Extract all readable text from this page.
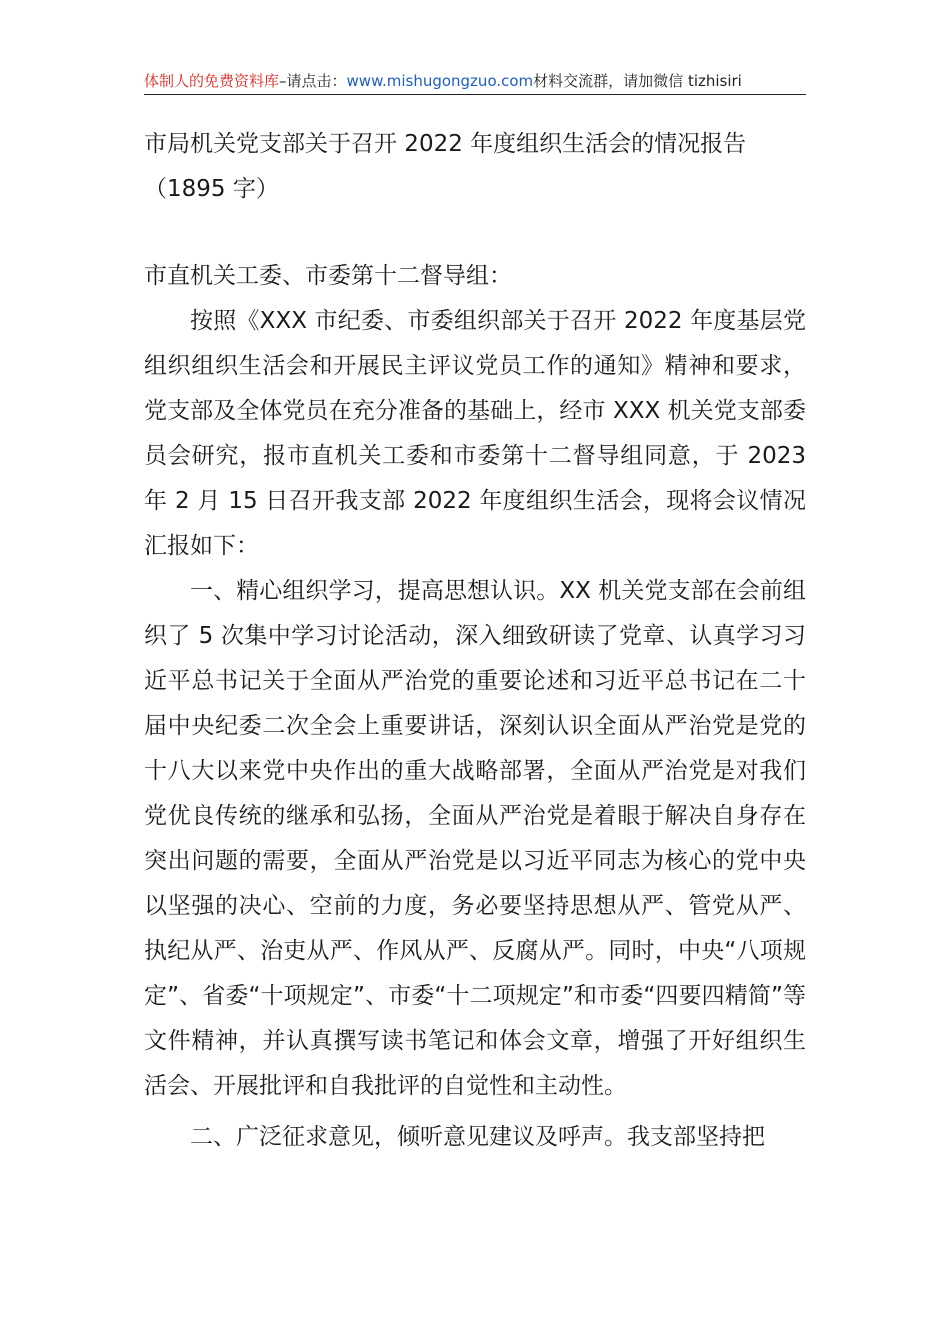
体制人的免费资料库–请点击：www.mishugongzuo.com材料交流群，请加微信 tizhisiri

市局机关党支部关于召开 2022 年度组织生活会的情况报告

（1895 字）

市直机关工委、市委第十二督导组：

按照《XXX 市纪委、市委组织部关于召开 2022 年度基层党组织组织生活会和开展民主评议党员工作的通知》精神和要求，党支部及全体党员在充分准备的基础上，经市 XXX 机关党支部委员会研究，报市直机关工委和市委第十二督导组同意，于 2023 年 2 月 15 日召开我支部 2022 年度组织生活会，现将会议情况汇报如下：

一、精心组织学习，提高思想认识。XX 机关党支部在会前组织了 5 次集中学习讨论活动，深入细致研读了党章、认真学习习近平总书记关于全面从严治党的重要论述和习近平总书记在二十届中央纪委二次全会上重要讲话，深刻认识全面从严治党是党的十八大以来党中央作出的重大战略部署，全面从严治党是对我们党优良传统的继承和弘扬，全面从严治党是着眼于解决自身存在突出问题的需要，全面从严治党是以习近平同志为核心的党中央以坚强的决心、空前的力度，务必要坚持思想从严、管党从严、执纪从严、治吏从严、作风从严、反腐从严。同时，中央“八项规定”、省委“十项规定”、市委“十二项规定”和市委“四要四精简”等文件精神，并认真撰写读书笔记和体会文章，增强了开好组织生活会、开展批评和自我批评的自觉性和主动性。

二、广泛征求意见，倾听意见建议及呼声。我支部坚持把
